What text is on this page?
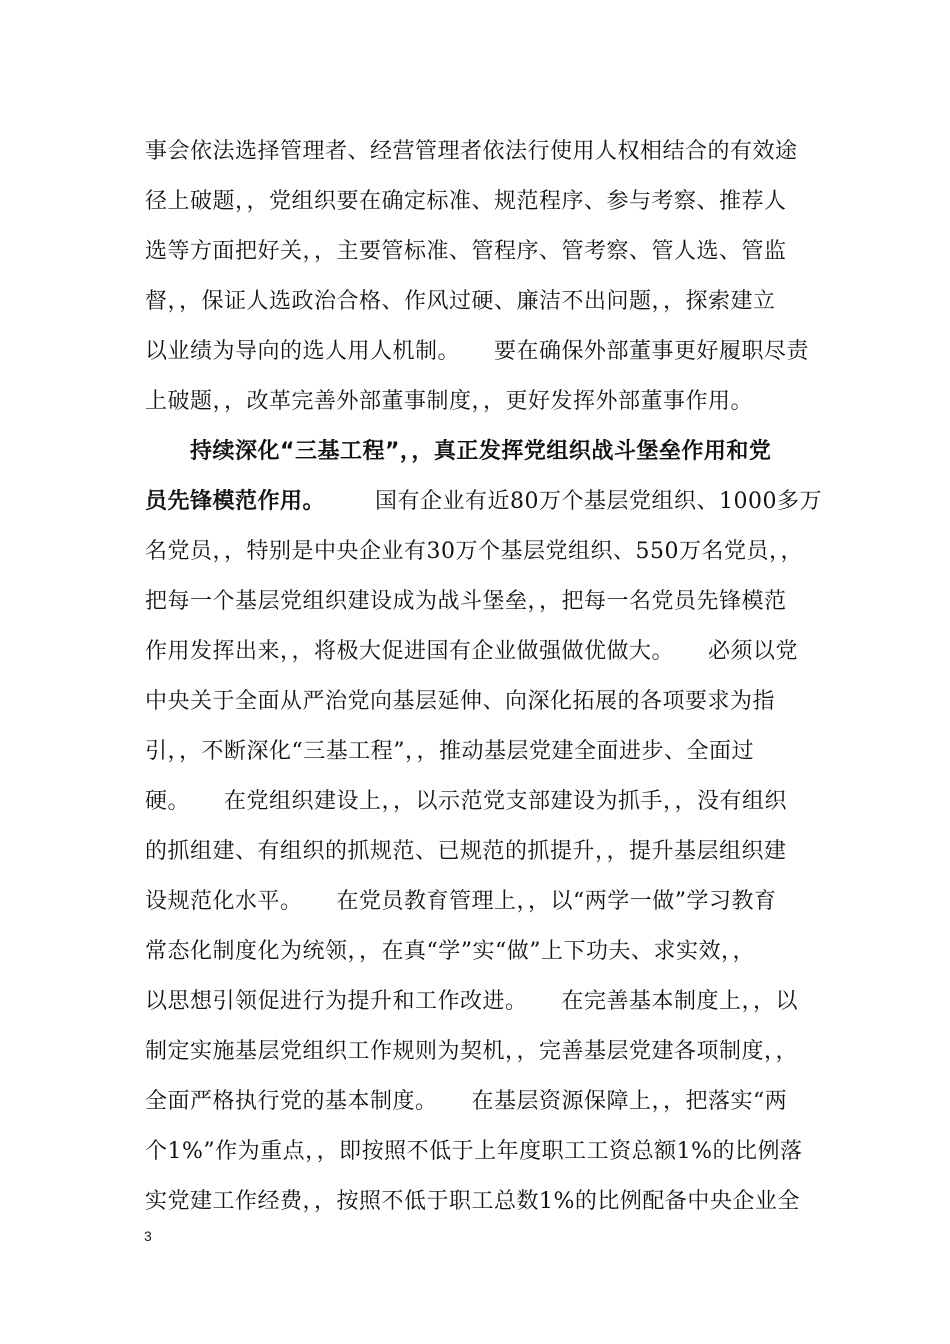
事会依法选择管理者、经营管理者依法行使用人权相结合的有效途
径上破题，，党组织要在确定标准、规范程序、参与考察、推荐人
选等方面把好关，，主要管标准、管程序、管考察、管人选、管监
督，，保证人选政治合格、作风过硬、廉洁不出问题，，探索建立
以业绩为导向的选人用人机制。　　要在确保外部董事更好履职尽责
上破题，，改革完善外部董事制度，，更好发挥外部董事作用。
持续深化“三基工程”，，真正发挥党组织战斗堡垒作用和党
员先锋模范作用。 　　国有企业有近80万个基层党组织、1000多万
名党员，，特别是中央企业有30万个基层党组织、550万名党员，，
把每一个基层党组织建设成为战斗堡垒，，把每一名党员先锋模范
作用发挥出来，，将极大促进国有企业做强做优做大。　　必须以党
中央关于全面从严治党向基层延伸、向深化拓展的各项要求为指
引，，不断深化“三基工程”，，推动基层党建全面进步、全面过
硬。　　在党组织建设上，，以示范党支部建设为抓手，，没有组织
的抓组建、有组织的抓规范、已规范的抓提升，，提升基层组织建
设规范化水平。　　在党员教育管理上，，以“两学一做”学习教育
常态化制度化为统领，，在真“学”实“做”上下功夫、求实效，，
以思想引领促进行为提升和工作改进。　　在完善基本制度上，，以
制定实施基层党组织工作规则为契机，，完善基层党建各项制度，，
全面严格执行党的基本制度。　　在基层资源保障上，，把落实“两
个1%”作为重点，，即按照不低于上年度职工工资总额1%的比例落
实党建工作经费，，按照不低于职工总数1%的比例配备中央企业全
3
